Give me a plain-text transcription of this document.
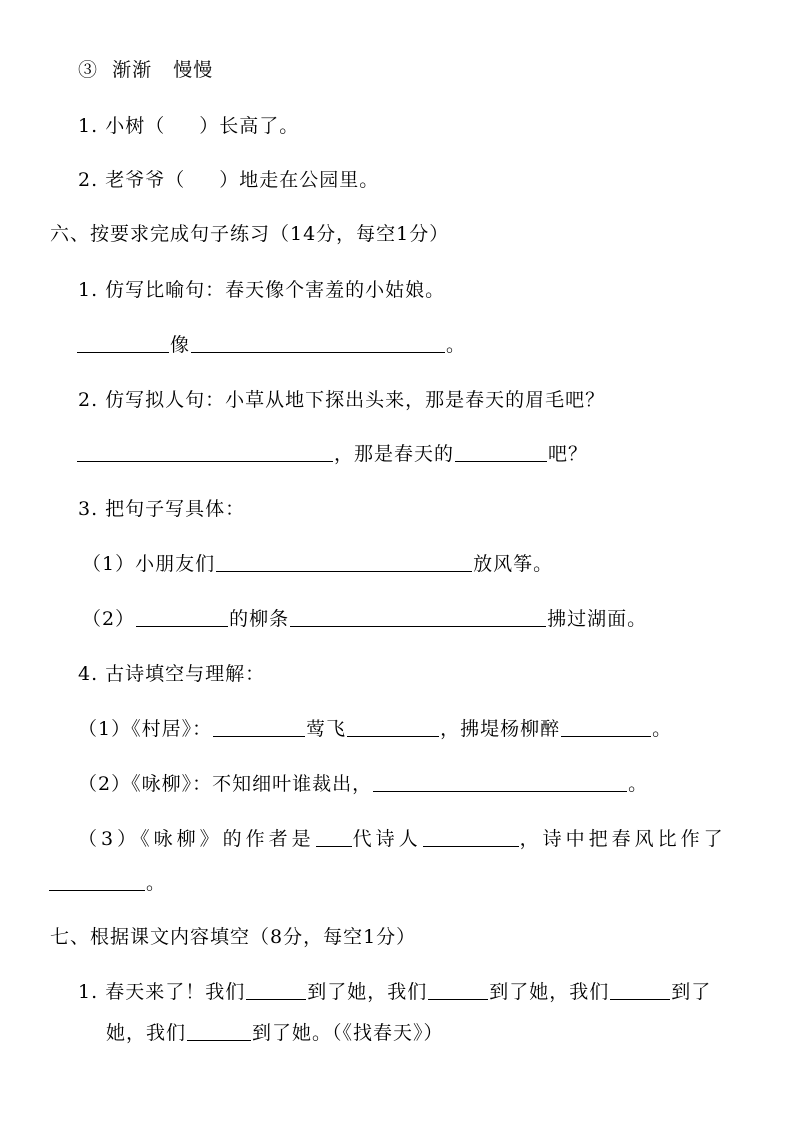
③ 渐渐 慢慢
1. 小树（ ）长高了。
2. 老爷爷（ ）地走在公园里。
六、按要求完成句子练习（14分，每空1分）
1. 仿写比喻句：春天像个害羞的小姑娘。
像	。
2. 仿写拟人句：小草从地下探出头来，那是春天的眉毛吧？
，那是春天的	吧？
3. 把句子写具体：
（1）小朋友们	放风筝。
（2）	的柳条	拂过湖面。
4. 古诗填空与理解：
（1）《村居》：	莺飞	，拂堤杨柳醉	。
（2）《咏柳》：不知细叶谁裁出，	。
（3）《咏柳》的作者是 代诗人	，诗中把春风比作了
。
七、根据课文内容填空（8分，每空1分）
1. 春天来了！我们	到了她，我们	到了她，我们	到了
她，我们	到了她。（《找春天》）
